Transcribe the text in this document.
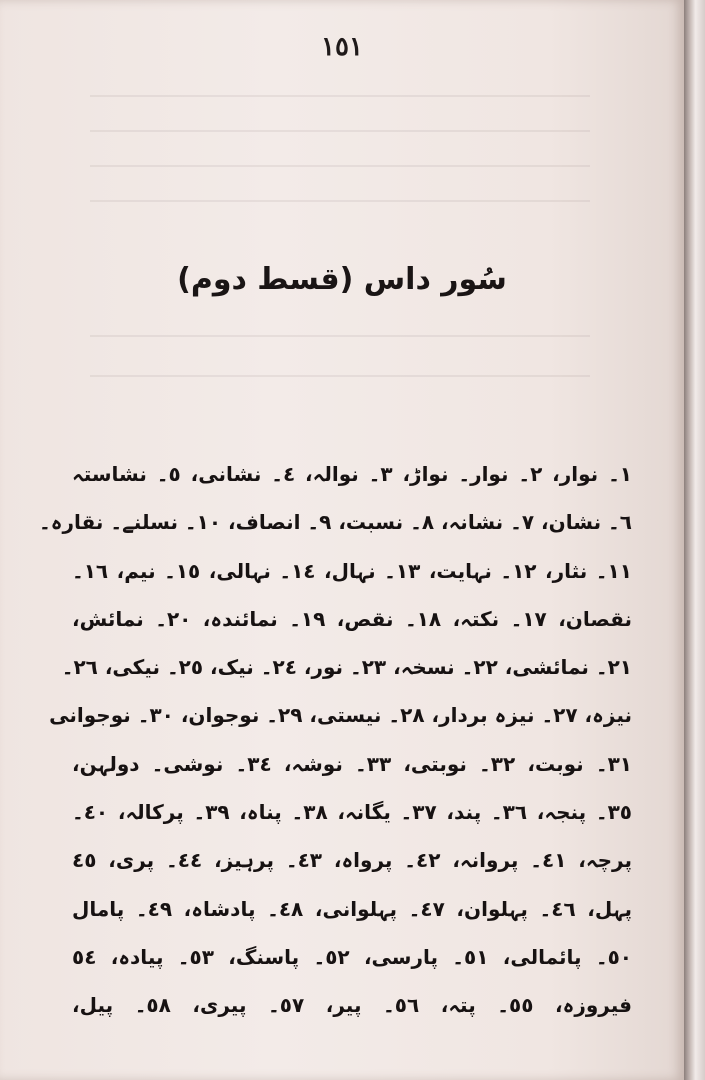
١٥١
سُور داس (قسط دوم)
١۔ نوار، ٢۔ نوار۔ نواڑ، ٣۔ نوالہ، ٤۔ نشانی، ٥۔ نشاستہ
٦۔ نشان، ٧۔ نشانہ، ٨۔ نسبت، ٩۔ انصاف، ١٠۔ نسلنے۔ نقارہ۔
١١۔ نثار، ١٢۔ نہایت، ١٣۔ نہال، ١٤۔ نہالی، ١٥۔ نیم، ١٦۔
نقصان، ١٧۔ نکتہ، ١٨۔ نقص، ١٩۔ نمائندہ، ٢٠۔ نمائش،
٢١۔ نمائشی، ٢٢۔ نسخہ، ٢٣۔ نور، ٢٤۔ نیک، ٢٥۔ نیکی، ٢٦۔
نیزہ، ٢٧۔ نیزہ بردار، ٢٨۔ نیستی، ٢٩۔ نوجوان، ٣٠۔ نوجوانی
٣١۔ نوبت، ٣٢۔ نوبتی، ٣٣۔ نوشہ، ٣٤۔ نوشی۔ دولہن،
٣٥۔ پنجہ، ٣٦۔ پند، ٣٧۔ یگانہ، ٣٨۔ پناہ، ٣٩۔ پرکالہ، ٤٠۔
پرچہ، ٤١۔ پروانہ، ٤٢۔ پرواہ، ٤٣۔ پرہیز، ٤٤۔ پری، ٤٥
پہل، ٤٦۔ پہلوان، ٤٧۔ پہلوانی، ٤٨۔ پادشاہ، ٤٩۔ پامال
٥٠۔ پائمالی، ٥١۔ پارسی، ٥٢۔ پاسنگ، ٥٣۔ پیادہ، ٥٤
فیروزہ، ٥٥۔ پتہ، ٥٦۔ پیر، ٥٧۔ پیری، ٥٨۔ پیل،
